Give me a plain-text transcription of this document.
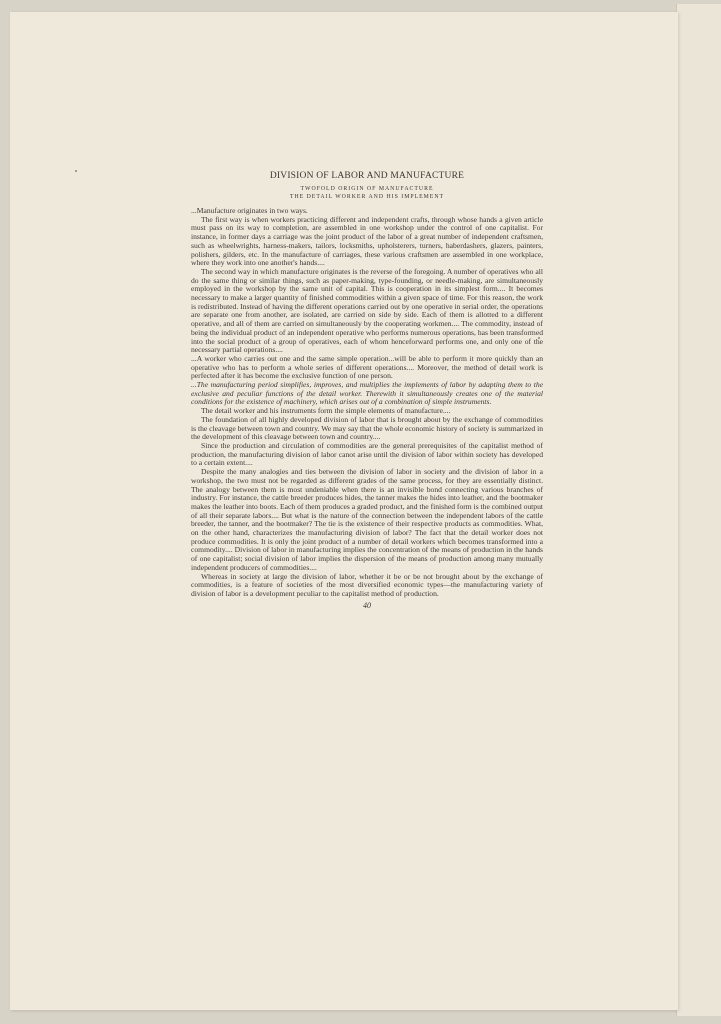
DIVISION OF LABOR AND MANUFACTURE
TWOFOLD ORIGIN OF MANUFACTURE
THE DETAIL WORKER AND HIS IMPLEMENT

...Manufacture originates in two ways.

The first way is when workers practicing different and independent crafts, through whose hands a given article must pass on its way to completion, are assembled in one workshop under the control of one capitalist. For instance, in former days a carriage was the joint product of the labor of a great number of independent craftsmen, such as wheelwrights, harness-makers, tailors, locksmiths, upholsterers, turners, haberdashers, glazers, painters, polishers, gilders, etc. In the manufacture of carriages, these various craftsmen are assembled in one workplace, where they work into one another's hands....

The second way in which manufacture originates is the reverse of the foregoing. A number of operatives who all do the same thing or similar things, such as paper-making, type-founding, or needle-making, are simultaneously employed in the workshop by the same unit of capital. This is cooperation in its simplest form.... It becomes necessary to make a larger quantity of finished commodities within a given space of time. For this reason, the work is redistributed. Instead of having the different operations carried out by one operative in serial order, the operations are separate one from another, are isolated, are carried on side by side. Each of them is allotted to a different operative, and all of them are carried on simultaneously by the cooperating workmen.... The commodity, instead of being the individual product of an independent operative who performs numerous operations, has been transformed into the social product of a group of operatives, each of whom henceforward performs one, and only one of the necessary partial operations....

...A worker who carries out one and the same simple operation...will be able to perform it more quickly than an operative who has to perform a whole series of different operations.... Moreover, the method of detail work is perfected after it has become the exclusive function of one person.

...The manufacturing period simplifies, improves, and multiplies the implements of labor by adapting them to the exclusive and peculiar functions of the detail worker. Therewith it simultaneously creates one of the material conditions for the existence of machinery, which arises out of a combination of simple instruments.

The detail worker and his instruments form the simple elements of manufacture....

The foundation of all highly developed division of labor that is brought about by the exchange of commodities is the cleavage between town and country. We may say that the whole economic history of society is summarized in the development of this cleavage between town and country....

Since the production and circulation of commodities are the general prerequisites of the capitalist method of production, the manufacturing division of labor canot arise until the division of labor within society has developed to a certain extent....

Despite the many analogies and ties between the division of labor in society and the division of labor in a workshop, the two must not be regarded as different grades of the same process, for they are essentially distinct. The analogy between them is most undeniable when there is an invisible bond connecting various branches of industry. For instance, the cattle breeder produces hides, the tanner makes the hides into leather, and the bootmaker makes the leather into boots. Each of them produces a graded product, and the finished form is the combined output of all their separate labors.... But what is the nature of the connection between the independent labors of the cattle breeder, the tanner, and the bootmaker? The tie is the existence of their respective products as commodities. What, on the other hand, characterizes the manufacturing division of labor? The fact that the detail worker does not produce commodities. It is only the joint product of a number of detail workers which becomes transformed into a commodity.... Division of labor in manufacturing implies the concentration of the means of production in the hands of one capitalist; social division of labor implies the dispersion of the means of production among many mutually independent producers of commodities....

Whereas in society at large the division of labor, whether it be or be not brought about by the exchange of commodities, is a feature of societies of the most diversified economic types—the manufacturing variety of division of labor is a development peculiar to the capitalist method of production.

40
